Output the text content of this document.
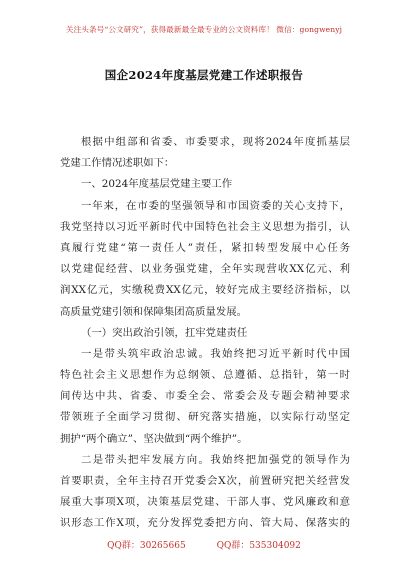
关注头条号“公文研究”，获得最新最全最专业的公文资料库！ 微信：gongwenyj
国企2024年度基层党建工作述职报告
根据中组部和省委、市委要求，现将2024年度抓基层
党建工作情况述职如下：
一、2024年度基层党建主要工作
一年来，在市委的坚强领导和市国资委的关心支持下，
我党坚持以习近平新时代中国特色社会主义思想为指引，认
真履行党建“第一责任人”责任，紧扣转型发展中心任务
以党建促经营、以业务强党建，全年实现营收XX亿元、利
润XX亿元，实缴税费XX亿元，较好完成主要经济指标，以
高质量党建引领和保障集团高质量发展。
（一）突出政治引领，扛牢党建责任
一是带头筑牢政治忠诚。我始终把习近平新时代中国
特色社会主义思想作为总纲领、总遵循、总指针，第一时
间传达中共、省委、市委全会、常委会及专题会精神要求
带领班子全面学习贯彻、研究落实措施，以实际行动坚定
拥护“两个确立”、坚决做到“两个维护”。
二是带头把牢发展方向。我始终把加强党的领导作为
首要职责，全年主持召开党委会X次，前置研究把关经营发
展重大事项X项，决策基层党建、干部人事、党风廉政和意
识形态工作X项，充分发挥党委把方向、管大局、保落实的
QQ群：30265665	QQ群：535304092
